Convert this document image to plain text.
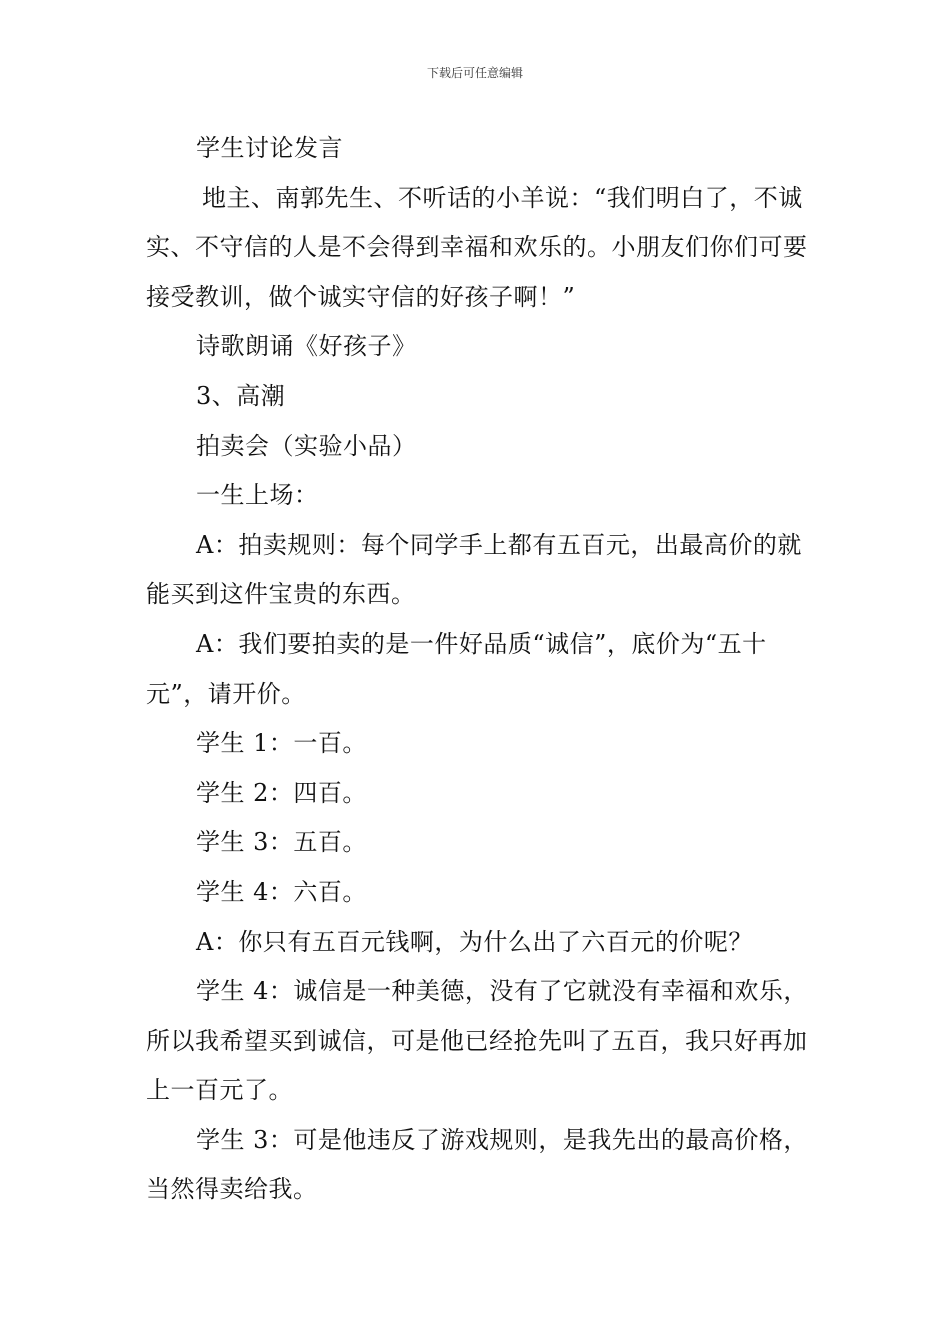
下载后可任意编辑

学生讨论发言

地主、南郭先生、不听话的小羊说：“我们明白了，不诚实、不守信的人是不会得到幸福和欢乐的。小朋友们你们可要接受教训，做个诚实守信的好孩子啊！”

诗歌朗诵《好孩子》

3、高潮

拍卖会（实验小品）

一生上场：

A：拍卖规则：每个同学手上都有五百元，出最高价的就能买到这件宝贵的东西。

A：我们要拍卖的是一件好品质“诚信”，底价为“五十元”，请开价。

学生 1：一百。

学生 2：四百。

学生 3：五百。

学生 4：六百。

A：你只有五百元钱啊，为什么出了六百元的价呢？

学生 4：诚信是一种美德，没有了它就没有幸福和欢乐，所以我希望买到诚信，可是他已经抢先叫了五百，我只好再加上一百元了。

学生 3：可是他违反了游戏规则，是我先出的最高价格，当然得卖给我。
